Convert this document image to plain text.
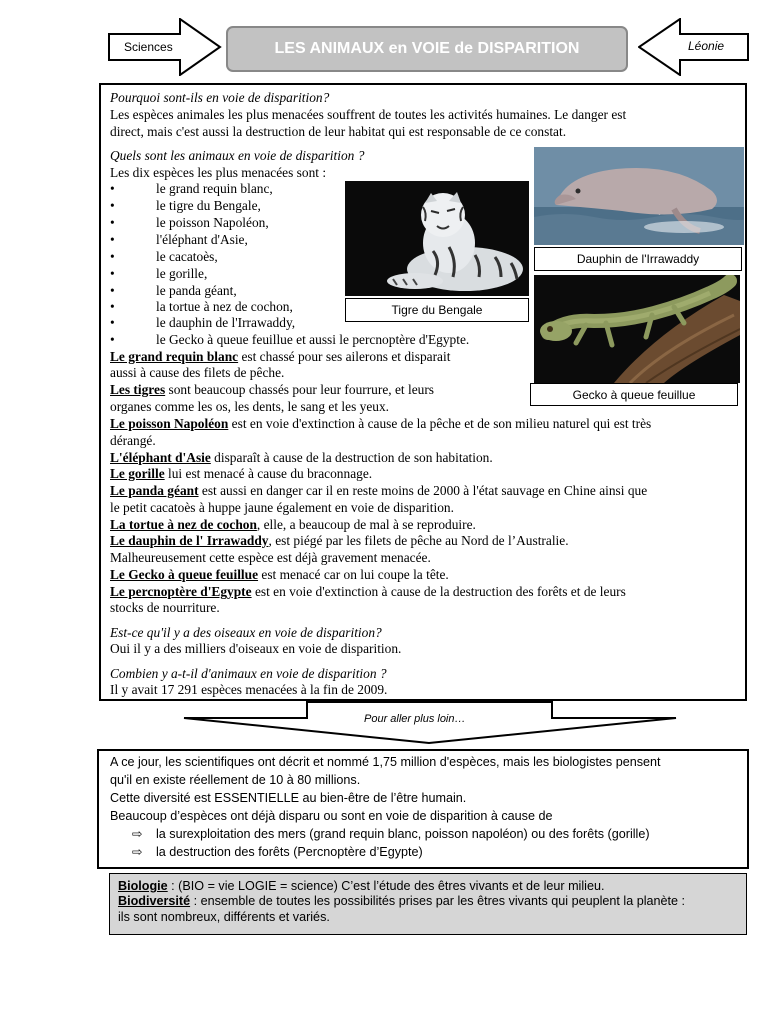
Sciences	LES ANIMAUX en VOIE de DISPARITION	Léonie
Pourquoi sont-ils en voie de disparition?
Les espèces animales les plus menacées souffrent de toutes les activités humaines. Le danger est
direct, mais c'est aussi la destruction de leur habitat qui est responsable de ce constat.
Quels sont les animaux en voie de disparition ?
Les dix espèces les plus menacées sont :
•	le grand requin blanc,
•	le tigre du Bengale,
•	le poisson Napoléon,
•	l'éléphant d'Asie,
•	le cacatoès,
•	le gorille,
•	le panda géant,
•	la tortue à nez de cochon,
•	le dauphin de l'Irrawaddy,
•	le Gecko à queue feuillue et aussi le percnoptère d'Egypte.
Le grand requin blanc est chassé pour ses ailerons et disparait
aussi à cause des filets de pêche.
Les tigres sont beaucoup chassés pour leur fourrure, et leurs
organes comme les os, les dents, le sang et les yeux.
Le poisson Napoléon est en voie d'extinction à cause de la pêche et de son milieu naturel qui est très
dérangé.
L'éléphant d'Asie disparaît à cause de la destruction de son habitation.
Le gorille lui est menacé à cause du braconnage.
Le panda géant est aussi en danger car il en reste moins de 2000 à l'état sauvage en Chine ainsi que
le petit cacatoès à huppe jaune également en voie de disparition.
La tortue à nez de cochon, elle, a beaucoup de mal à se reproduire.
Le dauphin de l' Irrawaddy, est piégé par les filets de pêche au Nord de l’Australie.
Malheureusement cette espèce est déjà gravement menacée.
Le Gecko à queue feuillue est menacé car on lui coupe la tête.
Le percnoptère d'Egypte est en voie d'extinction à cause de la destruction des forêts et de leurs
stocks de nourriture.
Est-ce qu'il y a des oiseaux en voie de disparition?
Oui il y a des milliers d'oiseaux en voie de disparition.
Combien y a-t-il d'animaux en voie de disparition ?
Il y avait 17 291 espèces menacées à la fin de 2009.
Tigre du Bengale
Dauphin de l'Irrawaddy
Gecko à queue feuillue
Pour aller plus loin…
A ce jour, les scientifiques ont décrit et nommé 1,75 million d'espèces, mais les biologistes pensent
qu'il en existe réellement de 10 à 80 millions.
Cette diversité est ESSENTIELLE au bien-être de l’être humain.
Beaucoup d’espèces ont déjà disparu ou sont en voie de disparition à cause de
⇨ la surexploitation des mers (grand requin blanc, poisson napoléon) ou des forêts (gorille)
⇨ la destruction des forêts (Percnoptère d’Egypte)
Biologie : (BIO = vie LOGIE = science) C’est l’étude des êtres vivants et de leur milieu.
Biodiversité : ensemble de toutes les possibilités prises par les êtres vivants qui peuplent la planète :
ils sont nombreux, différents et variés.
